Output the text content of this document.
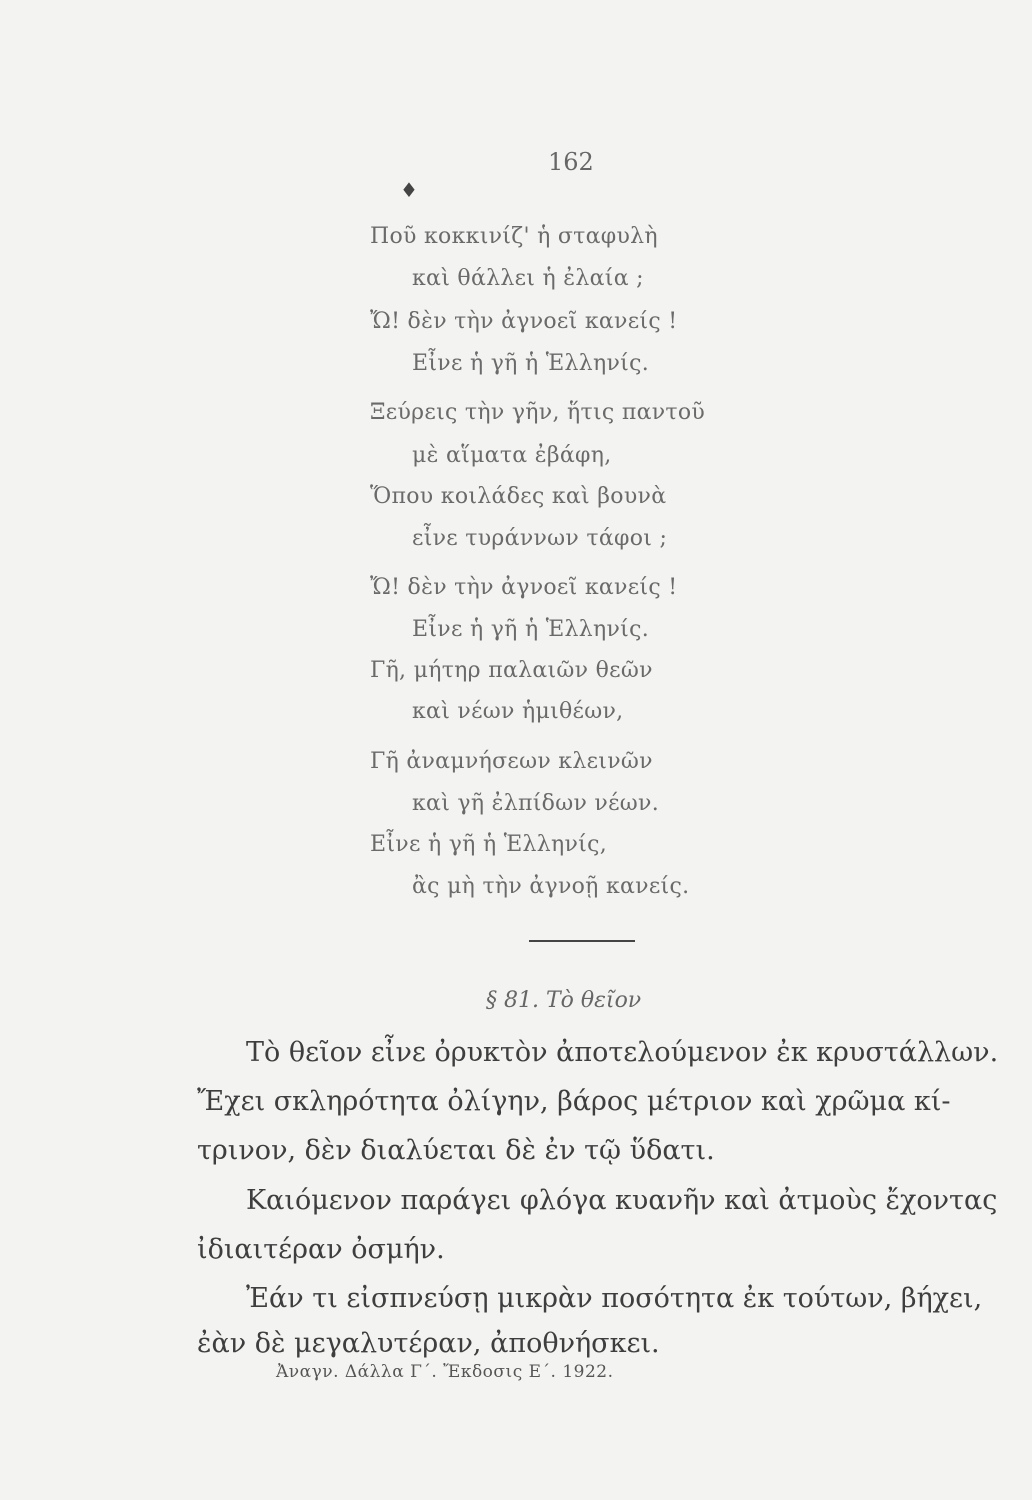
162
♦
Ποῦ κοκκινίζ' ἡ σταφυλὴ
καὶ θάλλει ἡ ἐλαία ;
Ὤ! δὲν τὴν ἀγνοεῖ κανείς !
Εἶνε ἡ γῆ ἡ Ἑλληνίς.
Ξεύρεις τὴν γῆν, ἥτις παντοῦ
μὲ αἵματα ἐβάφη,
Ὅπου κοιλάδες καὶ βουνὰ
εἶνε τυράννων τάφοι ;
Ὤ! δὲν τὴν ἀγνοεῖ κανείς !
Εἶνε ἡ γῆ ἡ Ἑλληνίς.
Γῆ, μήτηρ παλαιῶν θεῶν
καὶ νέων ἡμιθέων,
Γῆ ἀναμνήσεων κλεινῶν
καὶ γῆ ἐλπίδων νέων.
Εἶνε ἡ γῆ ἡ Ἑλληνίς,
ἂς μὴ τὴν ἀγνοῇ κανείς.
§ 81. Τὸ θεῖον
Τὸ θεῖον εἶνε ὀρυκτὸν ἀποτελούμενον ἐκ κρυστάλλων.
Ἔχει σκληρότητα ὀλίγην, βάρος μέτριον καὶ χρῶμα κί-
τρινον, δὲν διαλύεται δὲ ἐν τῷ ὕδατι.
Καιόμενον παράγει φλόγα κυανῆν καὶ ἀτμοὺς ἔχοντας
ἰδιαιτέραν ὀσμήν.
Ἐάν τι εἰσπνεύσῃ μικρὰν ποσότητα ἐκ τούτων, βήχει,
ἐὰν δὲ μεγαλυτέραν, ἀποθνήσκει.
Ἀναγν. Δάλλα Γ΄. Ἔκδοσις Ε΄. 1922.
